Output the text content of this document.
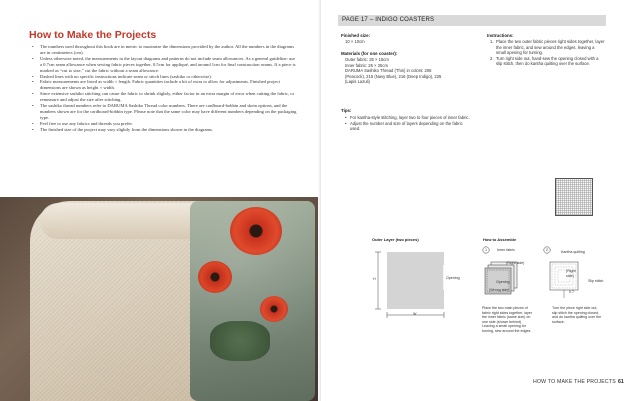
How to Make the Projects
• The numbers used throughout this book are in metric to maximize the dimensions provided by the author. All the numbers in the diagrams are in centimeters (cm).
• Unless otherwise noted, the measurements in the layout diagrams and patterns do not include seam allowances. As a general guideline: use a 0.7cm seam allowance when sewing fabric pieces together, 0.5cm for appliqué, and around 1cm for final construction seams. If a piece is marked as “cut to size,” cut the fabric without a seam allowance.
• Dashed lines with no specific instructions indicate seam or stitch lines (sashiko or otherwise).
• Fabric measurements are listed as width × length. Fabric quantities include a bit of extra to allow for adjustments. Finished project dimensions are shown as height × width.
• Since extensive sashiko stitching can cause the fabric to shrink slightly, either factor in an extra margin of error when cutting the fabric, or remeasure and adjust the size after stitching.
• The sashiko thread numbers refer to DARUMA Sashiko Thread color numbers. There are cardboard-bobbin and skein options, and the numbers shown are for the cardboard-bobbin type. Please note that the same color may have different numbers depending on the packaging type.
• Feel free to use any fabrics and threads you prefer.
• The finished size of the project may vary slightly from the dimensions shown in the diagrams.
PAGE 17 – INDIGO COASTERS
Finished size:
10 × 10cm
Materials (for one coaster):
Outer fabric: 25 × 15cm
Inner fabric: 25 × 25cm
DARUMA Sashiko Thread (Thin) in colors: 206
(Peacock), 215 (Navy Blue), 216 (Deep Indigo), 225
(Lapis Lazuli)
Tips:
• For kantha-style stitching, layer two to four pieces of inner fabric.
• Adjust the number and size of layers depending on the fabric used.
Instructions:
1. Place the two outer fabric pieces right sides together, layer the inner fabric, and sew around the edges, leaving a small opening for turning.
2. Turn right side out, hand-sew the opening closed with a slip stitch, then do kantha quilting over the surface.
Outer Layer (two pieces)
H
W
Opening
How to Assemble
1	Inner fabric
(Right side)
Opening
(Wrong side)
Place the two main pieces of fabric right sides together, layer the inner fabric (same size) on one side (shown behind). Leaving a small opening for turning, sew around the edges.
2	Kantha quilting
(Right side)
Slip stitch
0.7
Turn the piece right side out, slip stitch the opening closed, and do kantha quilting over the surface.
HOW TO MAKE THE PROJECTS 61
